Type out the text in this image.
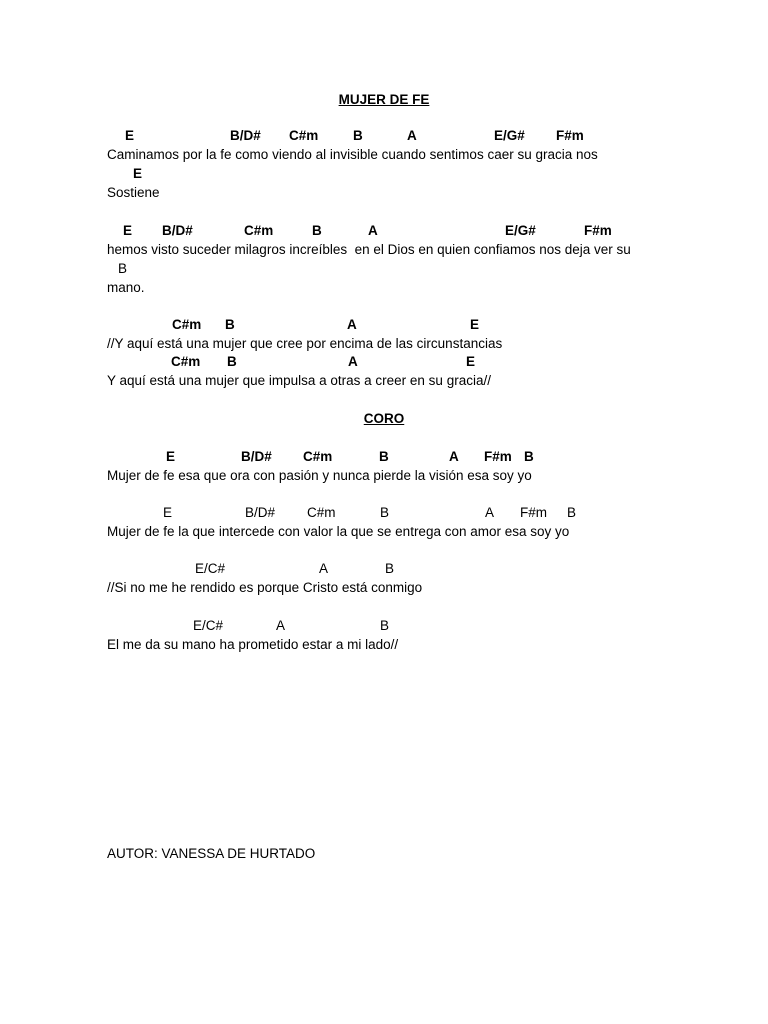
MUJER DE FE
E	B/D# C#m	B	A	E/G# F#m
Caminamos por la fe como viendo al invisible cuando sentimos caer su gracia nos
E
Sostiene
E B/D#	C#m	B	A	E/G#	F#m
hemos visto suceder milagros increíbles  en el Dios en quien confiamos nos deja ver su
B
mano.
C#m B	A	E
//Y aquí está una mujer que cree por encima de las circunstancias
C#m B	A	E
Y aquí está una mujer que impulsa a otras a creer en su gracia//
CORO
E	B/D# C#m	B	A F#m B
Mujer de fe esa que ora con pasión y nunca pierde la visión esa soy yo
E	B/D# C#m	B	A F#m B
Mujer de fe la que intercede con valor la que se entrega con amor esa soy yo
E/C#	A	B
//Si no me he rendido es porque Cristo está conmigo
E/C#	A	B
El me da su mano ha prometido estar a mi lado//
AUTOR: VANESSA DE HURTADO
